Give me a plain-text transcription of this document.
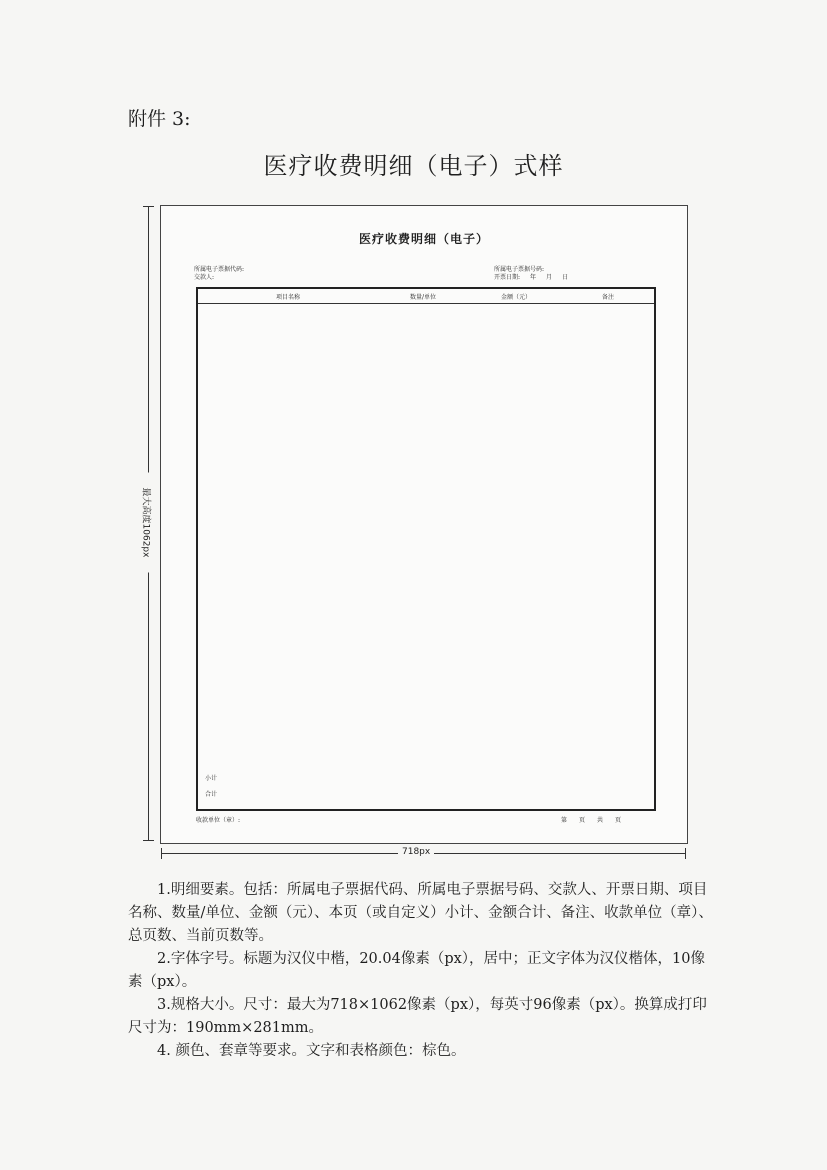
附件 3:
医疗收费明细（电子）式样
最大高度1062px
医疗收费明细（电子）
所属电子票据代码:
交款人:
所属电子票据号码:
开票日期: 年 月 日
项目名称	数量/单位	金额（元）	备注
小计
合计
收款单位（章）:	第 页 共 页
718px

1.明细要素。包括：所属电子票据代码、所属电子票据号码、交款人、开票日期、项目名称、数量/单位、金额（元）、本页（或自定义）小计、金额合计、备注、收款单位（章）、总页数、当前页数等。

2.字体字号。标题为汉仪中楷，20.04像素（px），居中；正文字体为汉仪楷体，10像素（px）。

3.规格大小。尺寸：最大为718×1062像素（px），每英寸96像素（px）。换算成打印尺寸为：190mm×281mm。

4. 颜色、套章等要求。文字和表格颜色：棕色。
